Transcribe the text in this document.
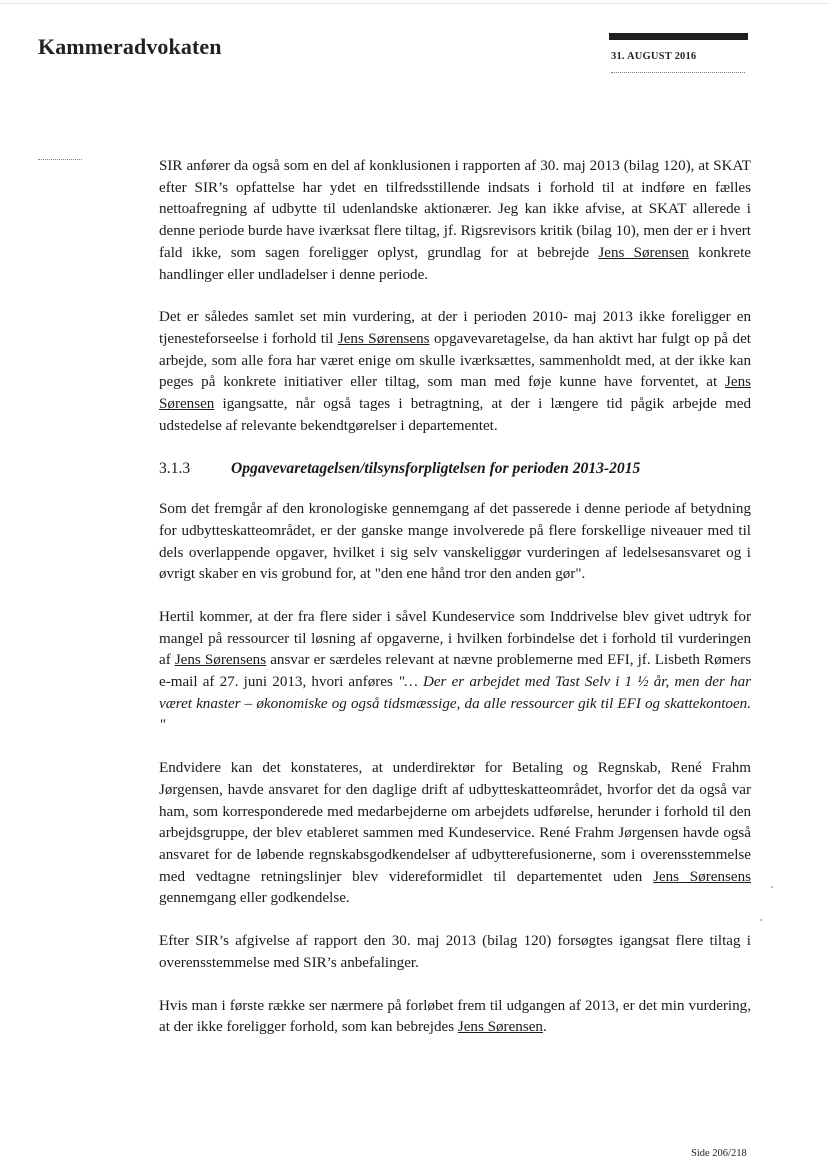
Kammeradvokaten	31. AUGUST 2016

SIR anfører da også som en del af konklusionen i rapporten af 30. maj 2013 (bilag 120), at SKAT efter SIR’s opfattelse har ydet en tilfredsstillende indsats i forhold til at indføre en fælles nettoafregning af udbytte til udenlandske aktionærer. Jeg kan ikke afvise, at SKAT allerede i denne periode burde have iværksat flere tiltag, jf. Rigsrevisors kritik (bilag 10), men der er i hvert fald ikke, som sagen foreligger oplyst, grundlag for at bebrejde Jens Sørensen konkrete handlinger eller undladelser i denne periode.

Det er således samlet set min vurdering, at der i perioden 2010- maj 2013 ikke foreligger en tjenesteforseelse i forhold til Jens Sørensens opgavevaretagelse, da han aktivt har fulgt op på det arbejde, som alle fora har været enige om skulle iværksættes, sammenholdt med, at der ikke kan peges på konkrete initiativer eller tiltag, som man med føje kunne have forventet, at Jens Sørensen igangsatte, når også tages i betragtning, at der i længere tid pågik arbejde med udstedelse af relevante bekendtgørelser i departementet.

3.1.3	Opgavevaretagelsen/tilsynsforpligtelsen for perioden 2013-2015

Som det fremgår af den kronologiske gennemgang af det passerede i denne periode af betydning for udbytteskatteområdet, er der ganske mange involverede på flere forskellige niveauer med til dels overlappende opgaver, hvilket i sig selv vanskeliggør vurderingen af ledelsesansvaret og i øvrigt skaber en vis grobund for, at "den ene hånd tror den anden gør".

Hertil kommer, at der fra flere sider i såvel Kundeservice som Inddrivelse blev givet udtryk for mangel på ressourcer til løsning af opgaverne, i hvilken forbindelse det i forhold til vurderingen af Jens Sørensens ansvar er særdeles relevant at nævne problemerne med EFI, jf. Lisbeth Rømers e-mail af 27. juni 2013, hvori anføres "… Der er arbejdet med Tast Selv i 1 ½ år, men der har været knaster – økonomiske og også tidsmæssige, da alle ressourcer gik til EFI og skattekontoen. "

Endvidere kan det konstateres, at underdirektør for Betaling og Regnskab, René Frahm Jørgensen, havde ansvaret for den daglige drift af udbytteskatteområdet, hvorfor det da også var ham, som korresponderede med medarbejderne om arbejdets udførelse, herunder i forhold til den arbejdsgruppe, der blev etableret sammen med Kundeservice. René Frahm Jørgensen havde også ansvaret for de løbende regnskabsgodkendelser af udbytterefusionerne, som i overensstemmelse med vedtagne retningslinjer blev videreformidlet til departementet uden Jens Sørensens gennemgang eller godkendelse.

Efter SIR’s afgivelse af rapport den 30. maj 2013 (bilag 120) forsøgtes igangsat flere tiltag i overensstemmelse med SIR’s anbefalinger.

Hvis man i første række ser nærmere på forløbet frem til udgangen af 2013, er det min vurdering, at der ikke foreligger forhold, som kan bebrejdes Jens Sørensen.

Side 206/218
